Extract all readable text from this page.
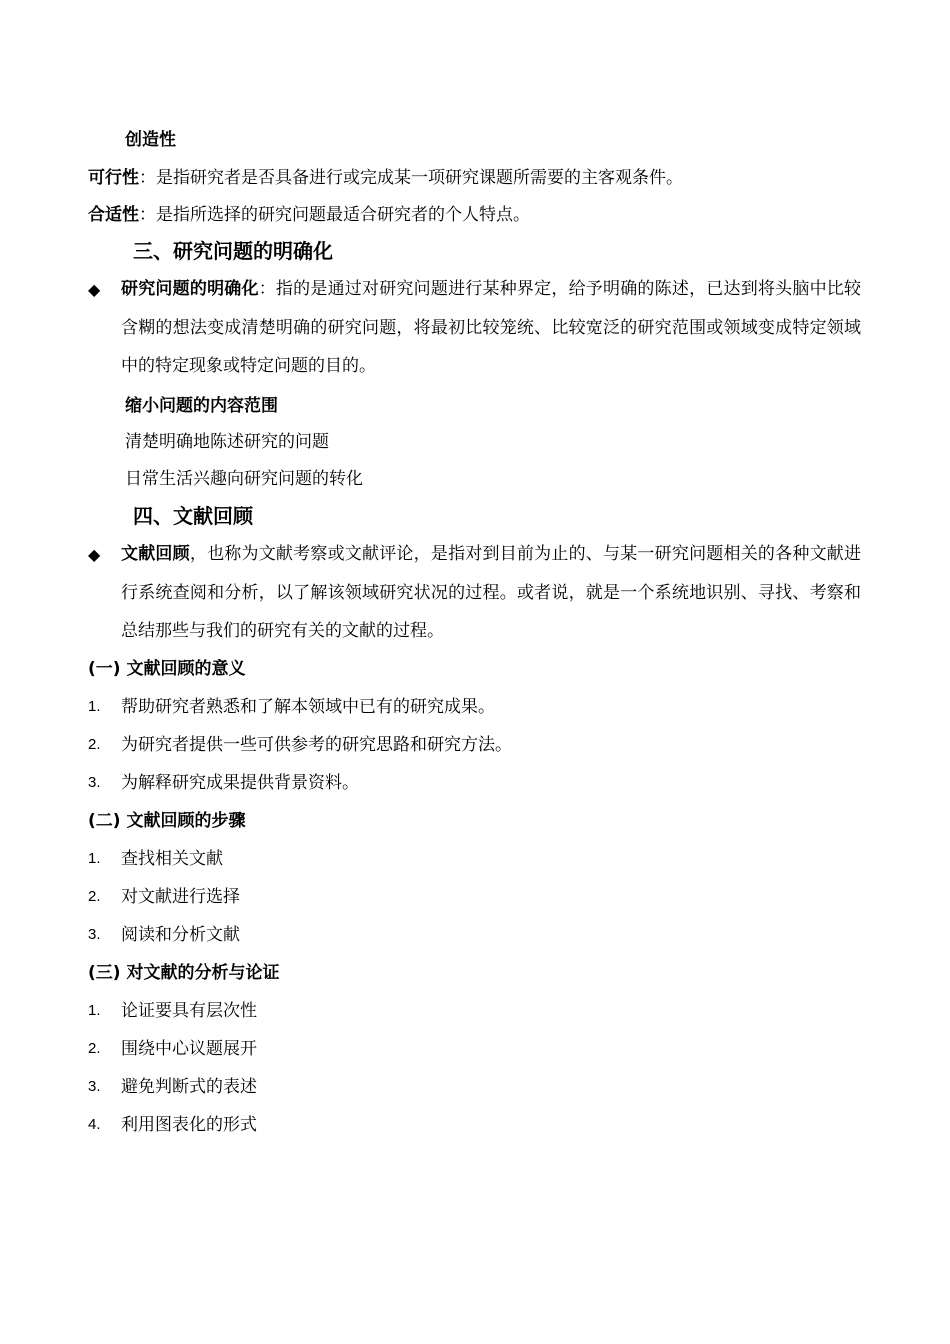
创造性
可行性：是指研究者是否具备进行或完成某一项研究课题所需要的主客观条件。
合适性：是指所选择的研究问题最适合研究者的个人特点。
三、研究问题的明确化
◆ 研究问题的明确化：指的是通过对研究问题进行某种界定，给予明确的陈述，已达到将头脑中比较含糊的想法变成清楚明确的研究问题，将最初比较笼统、比较宽泛的研究范围或领域变成特定领域中的特定现象或特定问题的目的。
缩小问题的内容范围
清楚明确地陈述研究的问题
日常生活兴趣向研究问题的转化
四、文献回顾
◆ 文献回顾，也称为文献考察或文献评论，是指对到目前为止的、与某一研究问题相关的各种文献进行系统查阅和分析，以了解该领域研究状况的过程。或者说，就是一个系统地识别、寻找、考察和总结那些与我们的研究有关的文献的过程。
(一) 文献回顾的意义
1. 帮助研究者熟悉和了解本领域中已有的研究成果。
2. 为研究者提供一些可供参考的研究思路和研究方法。
3. 为解释研究成果提供背景资料。
(二) 文献回顾的步骤
1. 查找相关文献
2. 对文献进行选择
3. 阅读和分析文献
(三) 对文献的分析与论证
1. 论证要具有层次性
2. 围绕中心议题展开
3. 避免判断式的表述
4. 利用图表化的形式
